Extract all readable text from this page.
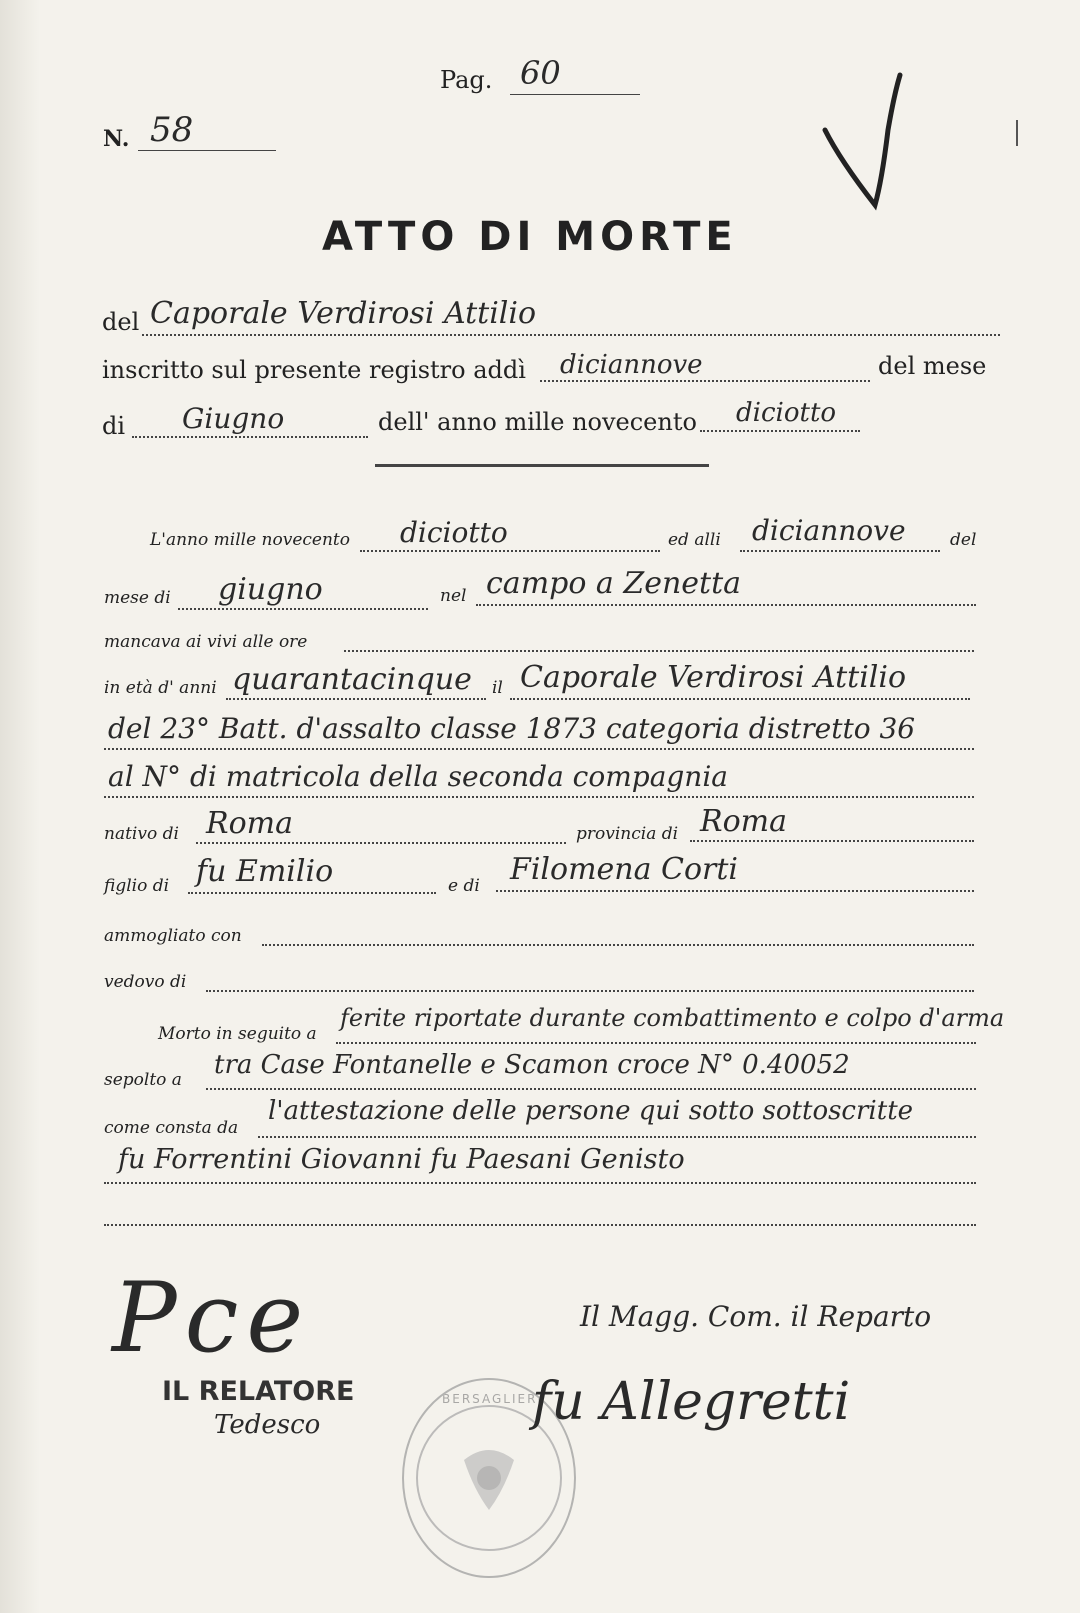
Pag. 60
N. 58
ATTO DI MORTE
del Caporale Verdirosi Attilio
inscritto sul presente registro addì diciannove	del mese
di Giugno	dell' anno mille novecento diciotto
L'anno mille novecento diciotto	ed alli diciannove	del
mese di giugno	nel campo a Zenetta
mancava ai vivi alle ore
in età d' anni quarantacinque il Caporale Verdirosi Attilio
del 23° Batt. d'assalto classe 1873 categoria distretto 36
al N° di matricola della seconda compagnia
nativo di Roma	provincia di Roma
figlio di fu Emilio	e di Filomena Corti
ammogliato con
vedovo di
Morto in seguito a
ferite riportate durante combattimento e colpo d'arma
sepolto a tra Case Fontanelle e Scamon croce N° 0.40052
come consta da
l'attestazione delle persone qui sotto sottoscritte
fu Forrentini Giovanni fu Paesani Genisto
Pce	Il Magg. Com. il Reparto
IL RELATORE
Tedesco
BERSAGLIERI
fu Allegretti
